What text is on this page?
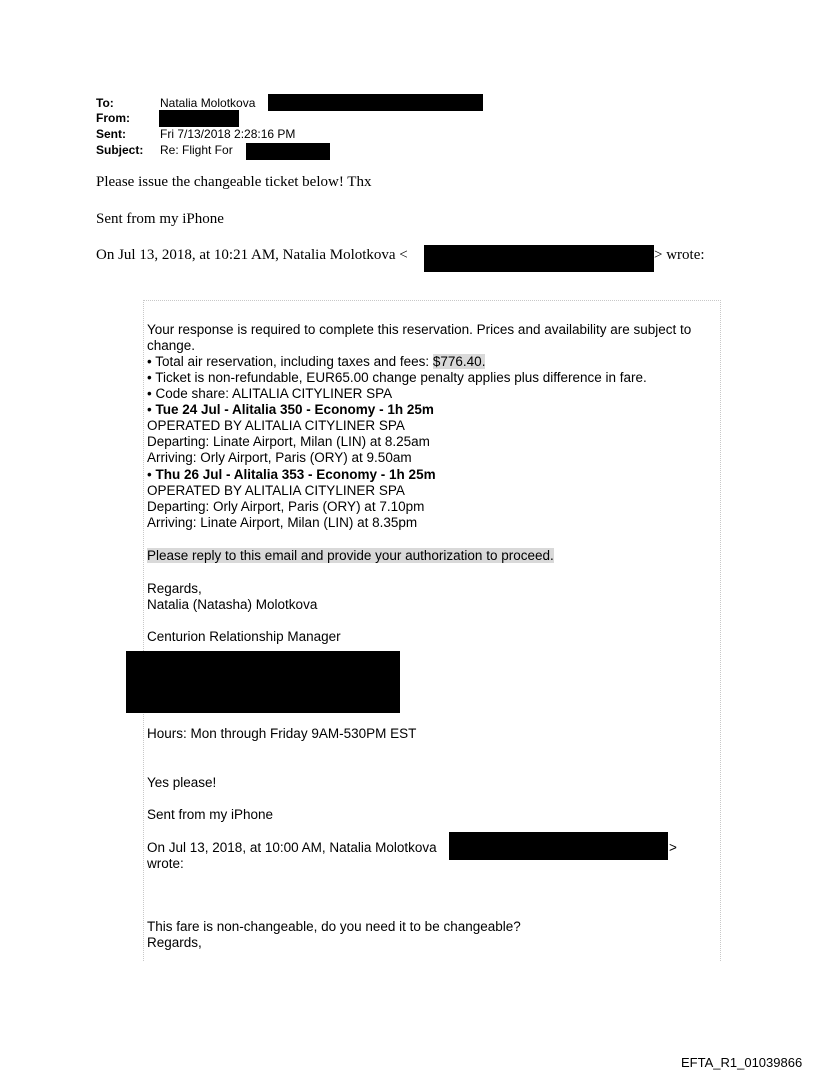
To:	Natalia Molotkova
From:
Sent:	Fri 7/13/2018 2:28:16 PM
Subject: Re: Flight For
Please issue the changeable ticket below! Thx
Sent from my iPhone
On Jul 13, 2018, at 10:21 AM, Natalia Molotkova <	> wrote:
Your response is required to complete this reservation. Prices and availability are subject to
change.
• Total air reservation, including taxes and fees: $776.40.
• Ticket is non-refundable, EUR65.00 change penalty applies plus difference in fare.
• Code share: ALITALIA CITYLINER SPA
• Tue 24 Jul - Alitalia 350 - Economy - 1h 25m
OPERATED BY ALITALIA CITYLINER SPA
Departing: Linate Airport, Milan (LIN) at 8.25am
Arriving: Orly Airport, Paris (ORY) at 9.50am
• Thu 26 Jul - Alitalia 353 - Economy - 1h 25m
OPERATED BY ALITALIA CITYLINER SPA
Departing: Orly Airport, Paris (ORY) at 7.10pm
Arriving: Linate Airport, Milan (LIN) at 8.35pm
Please reply to this email and provide your authorization to proceed.
Regards,
Natalia (Natasha) Molotkova
Centurion Relationship Manager
Hours: Mon through Friday 9AM-530PM EST
Yes please!
Sent from my iPhone
On Jul 13, 2018, at 10:00 AM, Natalia Molotkova	>
wrote:
This fare is non-changeable, do you need it to be changeable?
Regards,
EFTA_R1_01039866
